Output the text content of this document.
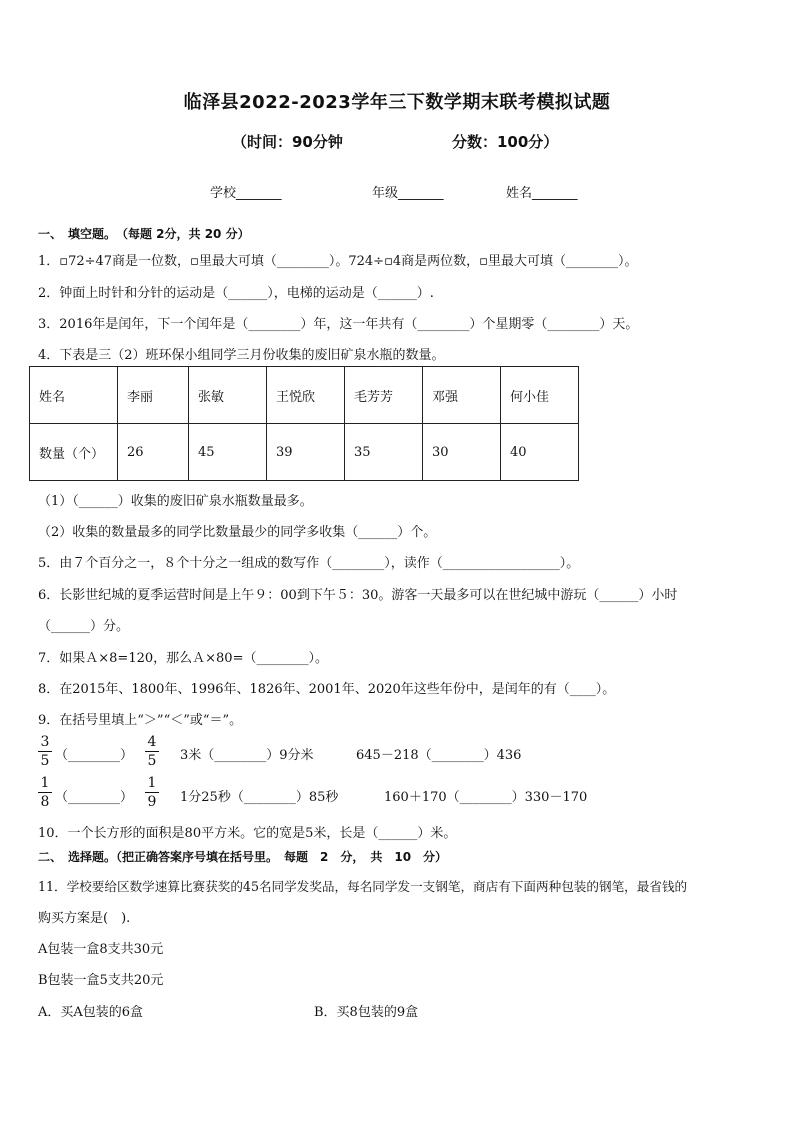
临泽县2022-2023学年三下数学期末联考模拟试题
（时间：90分钟	分数：100分）
学校_______	年级_______	姓名_______
一、　填空题。　（每题 2分，共 20 分）
1．▫72÷47商是一位数，▫里最大可填（________）。724÷▫4商是两位数，▫里最大可填（________）。
2．钟面上时针和分针的运动是（______），电梯的运动是（______）.
3．2016年是闰年，下一个闰年是（________）年，这一年共有（________）个星期零（________）天。
4．下表是三（2）班环保小组同学三月份收集的废旧矿泉水瓶的数量。
姓名	李丽	张敏	王悦欣	毛芳芳	邓强	何小佳
数量（个）	26	45	39	35	30	40
（1）（______）收集的废旧矿泉水瓶数量最多。
（2）收集的数量最多的同学比数量最少的同学多收集（______）个。
5．由７个百分之一，８个十分之一组成的数写作（________），读作（__________________）。
6．长影世纪城的夏季运营时间是上午９：00到下午５：30。游客一天最多可以在世纪城中游玩（______）小时
（______）分。
7．如果Ａ×8=120，那么Ａ×80=（________）。
8．在2015年、1800年、1996年、1826年、2001年、2020年这些年份中，是闰年的有（____）。
9．在括号里填上“＞”“＜”或“＝”。
$\frac{3}{5}$ （________） $\frac{4}{5} 3$米（________）9分米	645－218（________）436
$\frac{1}{8}$ （________） $\frac{1}{9} 1$分25秒（________）85秒	160＋170（________）330－170
10．一个长方形的面积是80平方米。它的宽是5米，长是（______）米。
二、　选择题。（把正确答案序号填在括号里。　每题　2　分，　共　10　分）
11．学校要给区数学速算比赛获奖的45名同学发奖品，每名同学发一支钢笔，商店有下面两种包装的钢笔，最省钱的
购买方案是(　).
A包装一盒8支共30元
B包装一盒5支共20元
A．买A包装的6盒	B．买8包装的9盒
